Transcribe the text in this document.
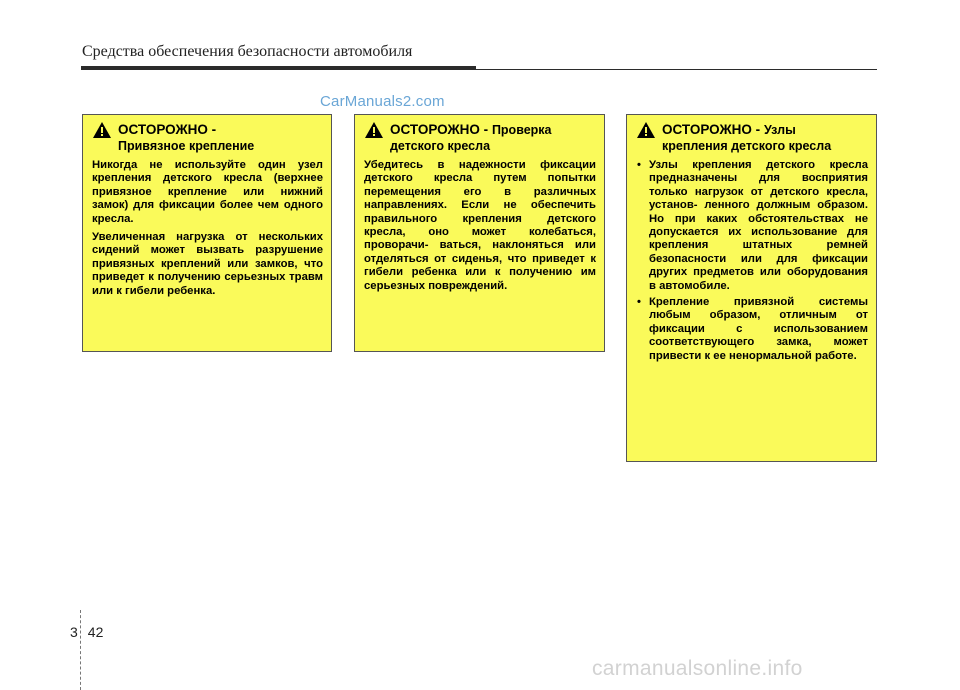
Средства обеспечения безопасности автомобиля
CarManuals2.com
ОСТОРОЖНО -
Привязное крепление

Никогда не используйте один узел крепления детского кресла (верхнее привязное крепление или нижний замок) для фиксации более чем одного кресла.

Увеличенная нагрузка от нескольких сидений может вызвать разрушение привязных креплений или замков, что приведет к получению серьезных травм или к гибели ребенка.

ОСТОРОЖНО - Проверка
детского кресла

Убедитесь в надежности фиксации детского кресла путем попытки перемещения его в различных направлениях. Если не обеспечить правильного крепления детского кресла, оно может колебаться, проворачи- ваться, наклоняться или отделяться от сиденья, что приведет к гибели ребенка или к получению им серьезных повреждений.

ОСТОРОЖНО - Узлы
крепления детского кресла
• Узлы крепления детского кресла предназначены для восприятия только нагрузок от детского кресла, установ- ленного должным образом. Но при каких обстоятельствах не допускается их использование для крепления штатных ремней безопасности или для фиксации других предметов или оборудования в автомобиле.
• Крепление привязной системы любым образом, отличным от фиксации с использованием соответствующего замка, может привести к ее ненормальной работе.
3 42
carmanualsonline.info
